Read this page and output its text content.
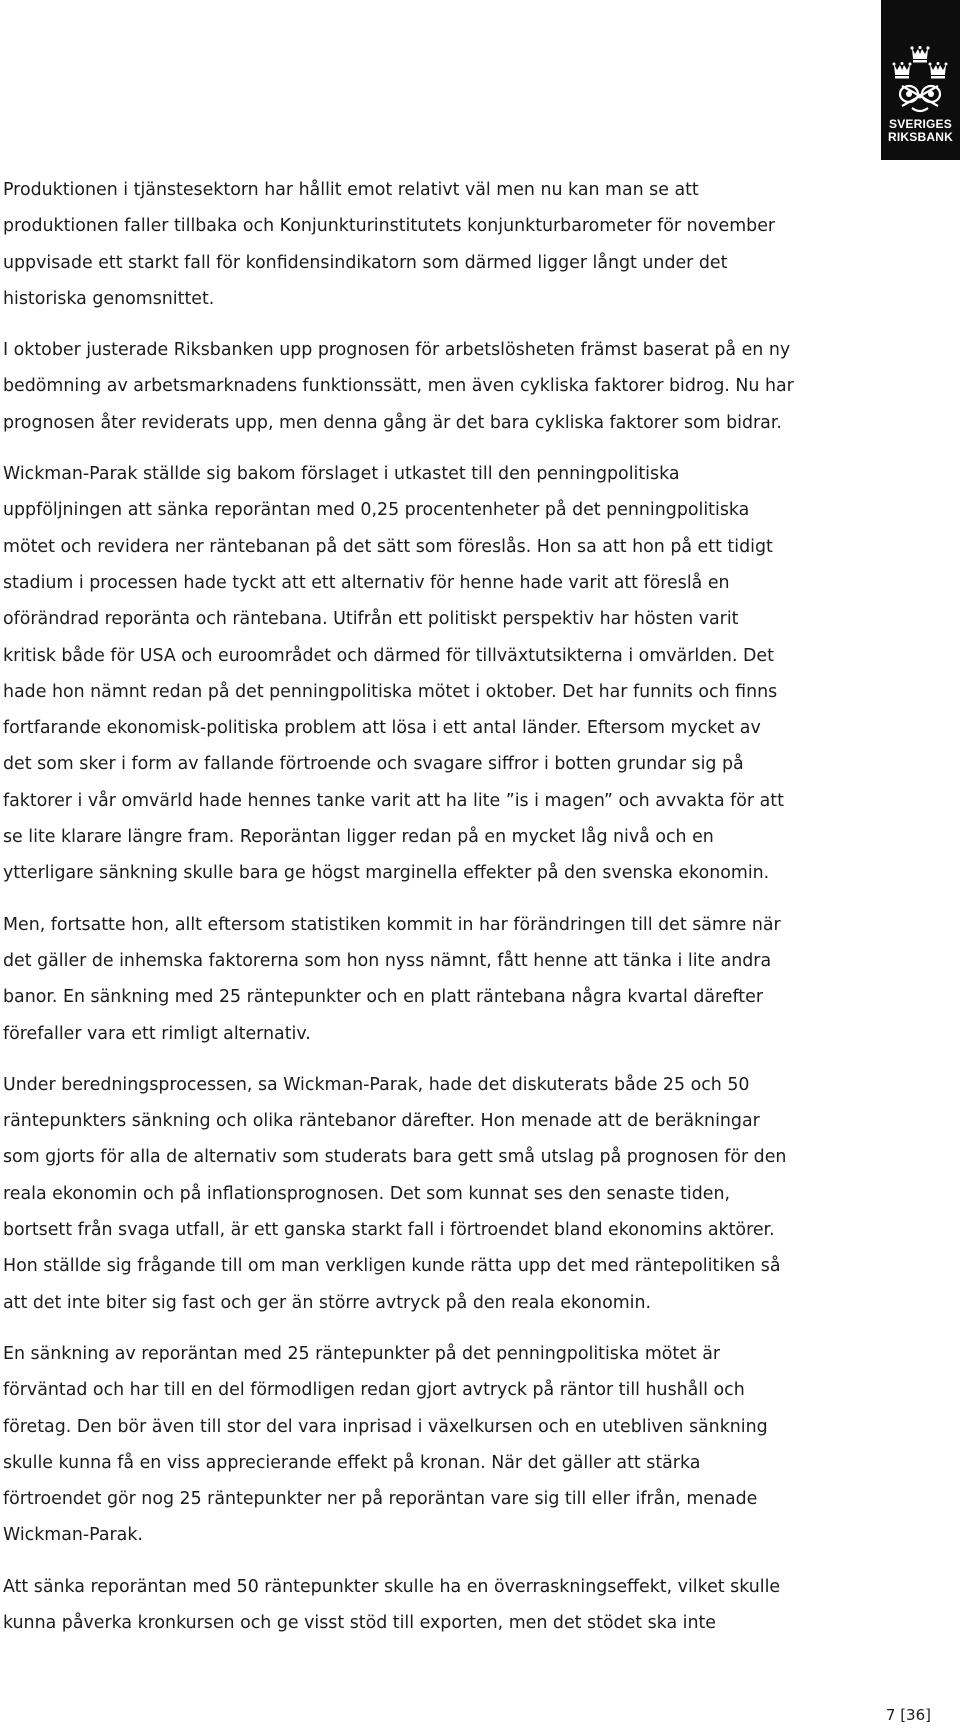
SVERIGES
RIKSBANK

Produktionen i tjänstesektorn har hållit emot relativt väl men nu kan man se att
produktionen faller tillbaka och Konjunkturinstitutets konjunkturbarometer för november
uppvisade ett starkt fall för konfidensindikatorn som därmed ligger långt under det
historiska genomsnittet.

I oktober justerade Riksbanken upp prognosen för arbetslösheten främst baserat på en ny
bedömning av arbetsmarknadens funktionssätt, men även cykliska faktorer bidrog. Nu har
prognosen åter reviderats upp, men denna gång är det bara cykliska faktorer som bidrar.

Wickman-Parak ställde sig bakom förslaget i utkastet till den penningpolitiska
uppföljningen att sänka reporäntan med 0,25 procentenheter på det penningpolitiska
mötet och revidera ner räntebanan på det sätt som föreslås. Hon sa att hon på ett tidigt
stadium i processen hade tyckt att ett alternativ för henne hade varit att föreslå en
oförändrad reporänta och räntebana. Utifrån ett politiskt perspektiv har hösten varit
kritisk både för USA och euroområdet och därmed för tillväxtutsikterna i omvärlden. Det
hade hon nämnt redan på det penningpolitiska mötet i oktober. Det har funnits och finns
fortfarande ekonomisk-politiska problem att lösa i ett antal länder. Eftersom mycket av
det som sker i form av fallande förtroende och svagare siffror i botten grundar sig på
faktorer i vår omvärld hade hennes tanke varit att ha lite ”is i magen” och avvakta för att
se lite klarare längre fram. Reporäntan ligger redan på en mycket låg nivå och en
ytterligare sänkning skulle bara ge högst marginella effekter på den svenska ekonomin.

Men, fortsatte hon, allt eftersom statistiken kommit in har förändringen till det sämre när
det gäller de inhemska faktorerna som hon nyss nämnt, fått henne att tänka i lite andra
banor. En sänkning med 25 räntepunkter och en platt räntebana några kvartal därefter
förefaller vara ett rimligt alternativ.

Under beredningsprocessen, sa Wickman-Parak, hade det diskuterats både 25 och 50
räntepunkters sänkning och olika räntebanor därefter. Hon menade att de beräkningar
som gjorts för alla de alternativ som studerats bara gett små utslag på prognosen för den
reala ekonomin och på inflationsprognosen. Det som kunnat ses den senaste tiden,
bortsett från svaga utfall, är ett ganska starkt fall i förtroendet bland ekonomins aktörer.
Hon ställde sig frågande till om man verkligen kunde rätta upp det med räntepolitiken så
att det inte biter sig fast och ger än större avtryck på den reala ekonomin.

En sänkning av reporäntan med 25 räntepunkter på det penningpolitiska mötet är
förväntad och har till en del förmodligen redan gjort avtryck på räntor till hushåll och
företag. Den bör även till stor del vara inprisad i växelkursen och en utebliven sänkning
skulle kunna få en viss apprecierande effekt på kronan. När det gäller att stärka
förtroendet gör nog 25 räntepunkter ner på reporäntan vare sig till eller ifrån, menade
Wickman-Parak.

Att sänka reporäntan med 50 räntepunkter skulle ha en överraskningseffekt, vilket skulle
kunna påverka kronkursen och ge visst stöd till exporten, men det stödet ska inte

7 [36]
